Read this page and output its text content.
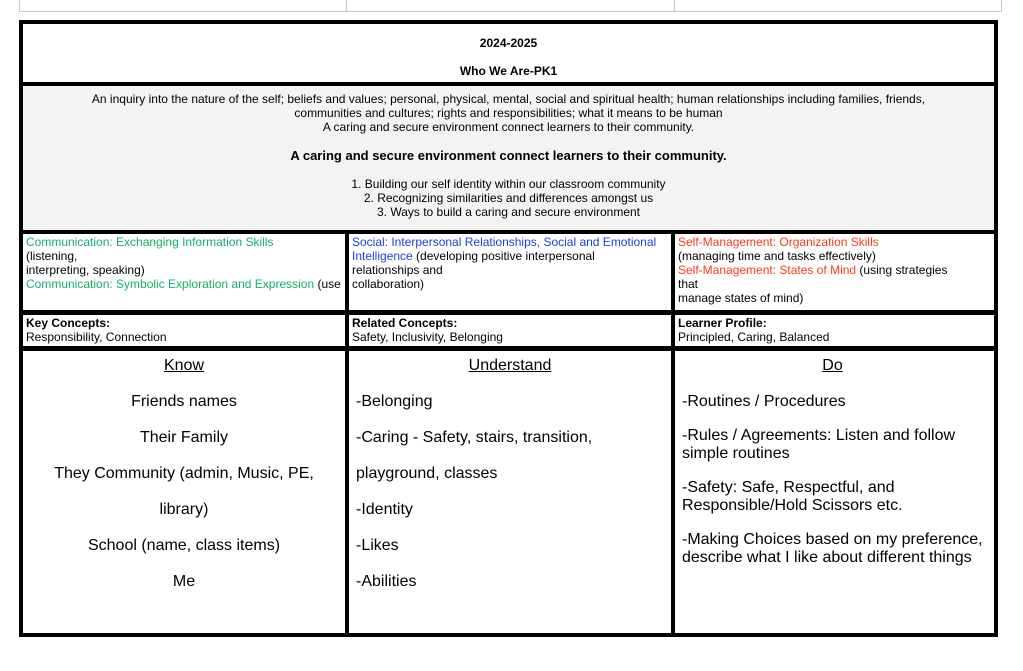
2024-2025
Who We Are-PK1
An inquiry into the nature of the self; beliefs and values; personal, physical, mental, social and spiritual health; human relationships including families, friends,
communities and cultures; rights and responsibilities; what it means to be human
A caring and secure environment connect learners to their community.
A caring and secure environment connect learners to their community.
1. Building our self identity within our classroom community
2. Recognizing similarities and differences amongst us
3. Ways to build a caring and secure environment
Communication: Exchanging Information Skills
(listening,
interpreting, speaking)
Communication: Symbolic Exploration and Expression (use
Social: Interpersonal Relationships, Social and Emotional
Intelligence (developing positive interpersonal
relationships and
collaboration)
Self-Management: Organization Skills
(managing time and tasks effectively)
Self-Management: States of Mind (using strategies
that
manage states of mind)
Key Concepts:
Responsibility, Connection
Related Concepts:
Safety, Inclusivity, Belonging
Learner Profile:
Principled, Caring, Balanced
Know

Friends names

Their Family

They Community (admin, Music, PE,

library)

School (name, class items)

Me

Understand

-Belonging

-Caring - Safety, stairs, transition,

playground, classes

-Identity

-Likes

-Abilities

Do

-Routines / Procedures

-Rules / Agreements: Listen and follow simple routines

-Safety: Safe, Respectful, and Responsible/Hold Scissors etc.

-Making Choices based on my preference, describe what I like about different things
